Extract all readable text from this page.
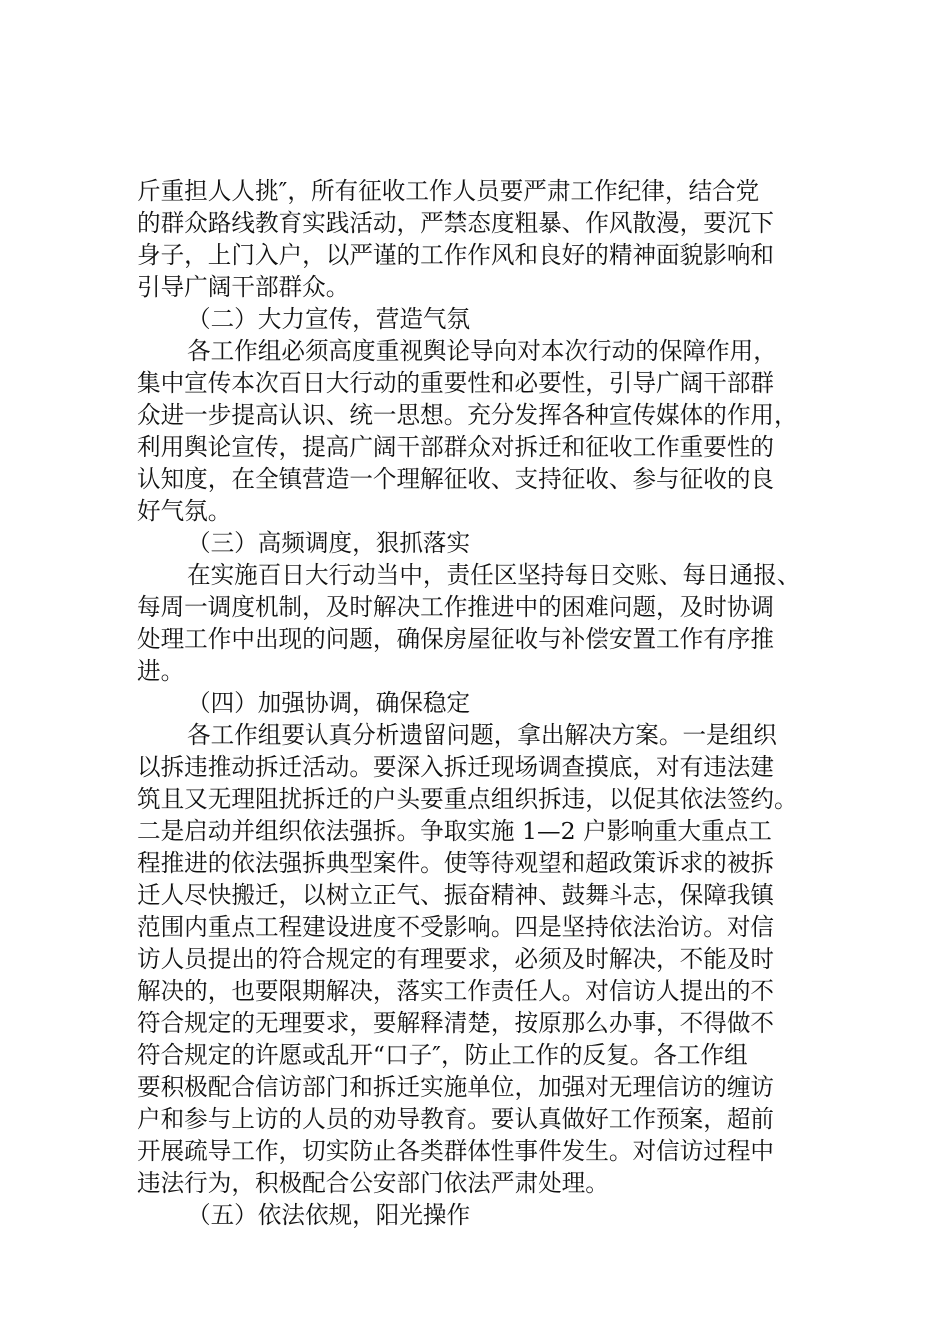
斤重担人人挑″，所有征收工作人员要严肃工作纪律，结合党
的群众路线教育实践活动，严禁态度粗暴、作风散漫，要沉下
身子，上门入户，以严谨的工作作风和良好的精神面貌影响和
引导广阔干部群众。
（二）大力宣传，营造气氛
各工作组必须高度重视舆论导向对本次行动的保障作用，
集中宣传本次百日大行动的重要性和必要性，引导广阔干部群
众进一步提高认识、统一思想。充分发挥各种宣传媒体的作用，
利用舆论宣传，提高广阔干部群众对拆迁和征收工作重要性的
认知度，在全镇营造一个理解征收、支持征收、参与征收的良
好气氛。
（三）高频调度，狠抓落实
在实施百日大行动当中，责任区坚持每日交账、每日通报、
每周一调度机制，及时解决工作推进中的困难问题，及时协调
处理工作中出现的问题，确保房屋征收与补偿安置工作有序推
进。
（四）加强协调，确保稳定
各工作组要认真分析遗留问题，拿出解决方案。一是组织
以拆违推动拆迁活动。要深入拆迁现场调查摸底，对有违法建
筑且又无理阻扰拆迁的户头要重点组织拆违，以促其依法签约。
二是启动并组织依法强拆。争取实施 1—2 户影响重大重点工
程推进的依法强拆典型案件。使等待观望和超政策诉求的被拆
迁人尽快搬迁，以树立正气、振奋精神、鼓舞斗志，保障我镇
范围内重点工程建设进度不受影响。四是坚持依法治访。对信
访人员提出的符合规定的有理要求，必须及时解决，不能及时
解决的，也要限期解决，落实工作责任人。对信访人提出的不
符合规定的无理要求，要解释清楚，按原那么办事，不得做不
符合规定的许愿或乱开“口子″，防止工作的反复。各工作组
要积极配合信访部门和拆迁实施单位，加强对无理信访的缠访
户和参与上访的人员的劝导教育。要认真做好工作预案，超前
开展疏导工作，切实防止各类群体性事件发生。对信访过程中
违法行为，积极配合公安部门依法严肃处理。
（五）依法依规，阳光操作
